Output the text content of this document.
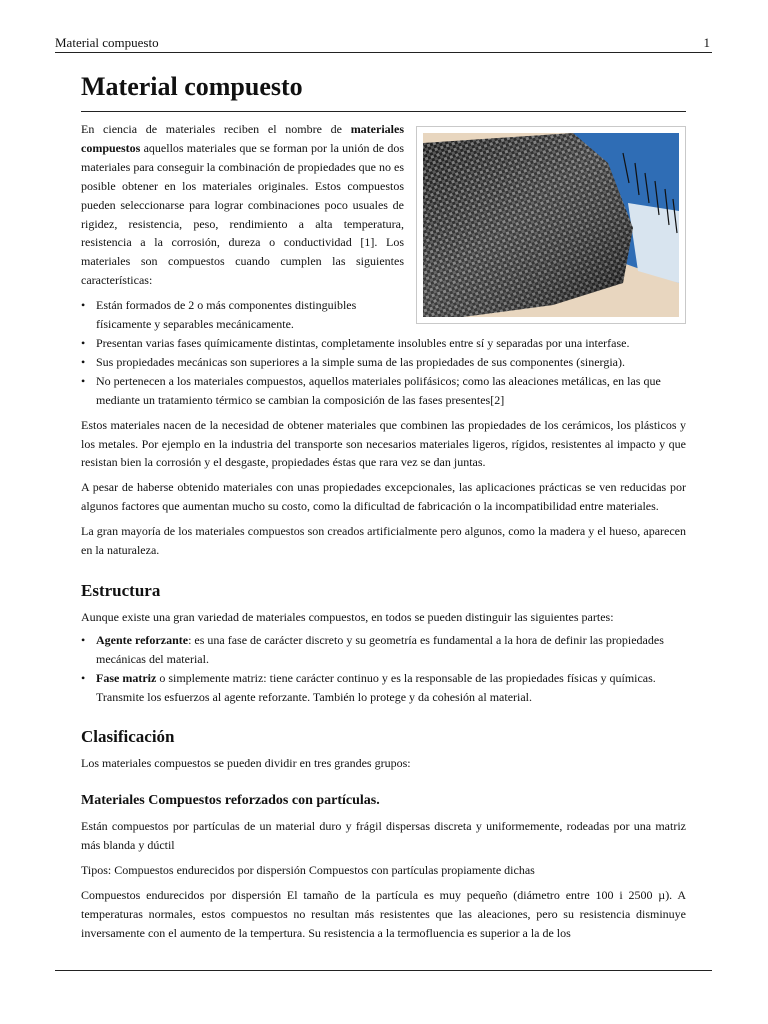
Material compuesto	1
Material compuesto

En ciencia de materiales reciben el nombre de materiales compuestos aquellos materiales que se forman por la unión de dos materiales para conseguir la combinación de propiedades que no es posible obtener en los materiales originales. Estos compuestos pueden seleccionarse para lograr combinaciones poco usuales de rigidez, resistencia, peso, rendimiento a alta temperatura, resistencia a la corrosión, dureza o conductividad [1]. Los materiales son compuestos cuando cumplen las siguientes características:

• Están formados de 2 o más componentes distinguibles físicamente y separables mecánicamente.
• Presentan varias fases químicamente distintas, completamente insolubles entre sí y separadas por una interfase.
• Sus propiedades mecánicas son superiores a la simple suma de las propiedades de sus componentes (sinergia).
• No pertenecen a los materiales compuestos, aquellos materiales polifásicos; como las aleaciones metálicas, en las que mediante un tratamiento térmico se cambian la composición de las fases presentes[2]

Estos materiales nacen de la necesidad de obtener materiales que combinen las propiedades de los cerámicos, los plásticos y los metales. Por ejemplo en la industria del transporte son necesarios materiales ligeros, rígidos, resistentes al impacto y que resistan bien la corrosión y el desgaste, propiedades éstas que rara vez se dan juntas.

A pesar de haberse obtenido materiales con unas propiedades excepcionales, las aplicaciones prácticas se ven reducidas por algunos factores que aumentan mucho su costo, como la dificultad de fabricación o la incompatibilidad entre materiales.

La gran mayoría de los materiales compuestos son creados artificialmente pero algunos, como la madera y el hueso, aparecen en la naturaleza.

Estructura

Aunque existe una gran variedad de materiales compuestos, en todos se pueden distinguir las siguientes partes:

• Agente reforzante: es una fase de carácter discreto y su geometría es fundamental a la hora de definir las propiedades mecánicas del material.
• Fase matriz o simplemente matriz: tiene carácter continuo y es la responsable de las propiedades físicas y químicas. Transmite los esfuerzos al agente reforzante. También lo protege y da cohesión al material.
Clasificación

Los materiales compuestos se pueden dividir en tres grandes grupos:

Materiales Compuestos reforzados con partículas.

Están compuestos por partículas de un material duro y frágil dispersas discreta y uniformemente, rodeadas por una matriz más blanda y dúctil

Tipos: Compuestos endurecidos por dispersión Compuestos con partículas propiamente dichas

Compuestos endurecidos por dispersión El tamaño de la partícula es muy pequeño (diámetro entre 100 i 2500 µ). A temperaturas normales, estos compuestos no resultan más resistentes que las aleaciones, pero su resistencia disminuye inversamente con el aumento de la tempertura. Su resistencia a la termofluencia es superior a la de los
